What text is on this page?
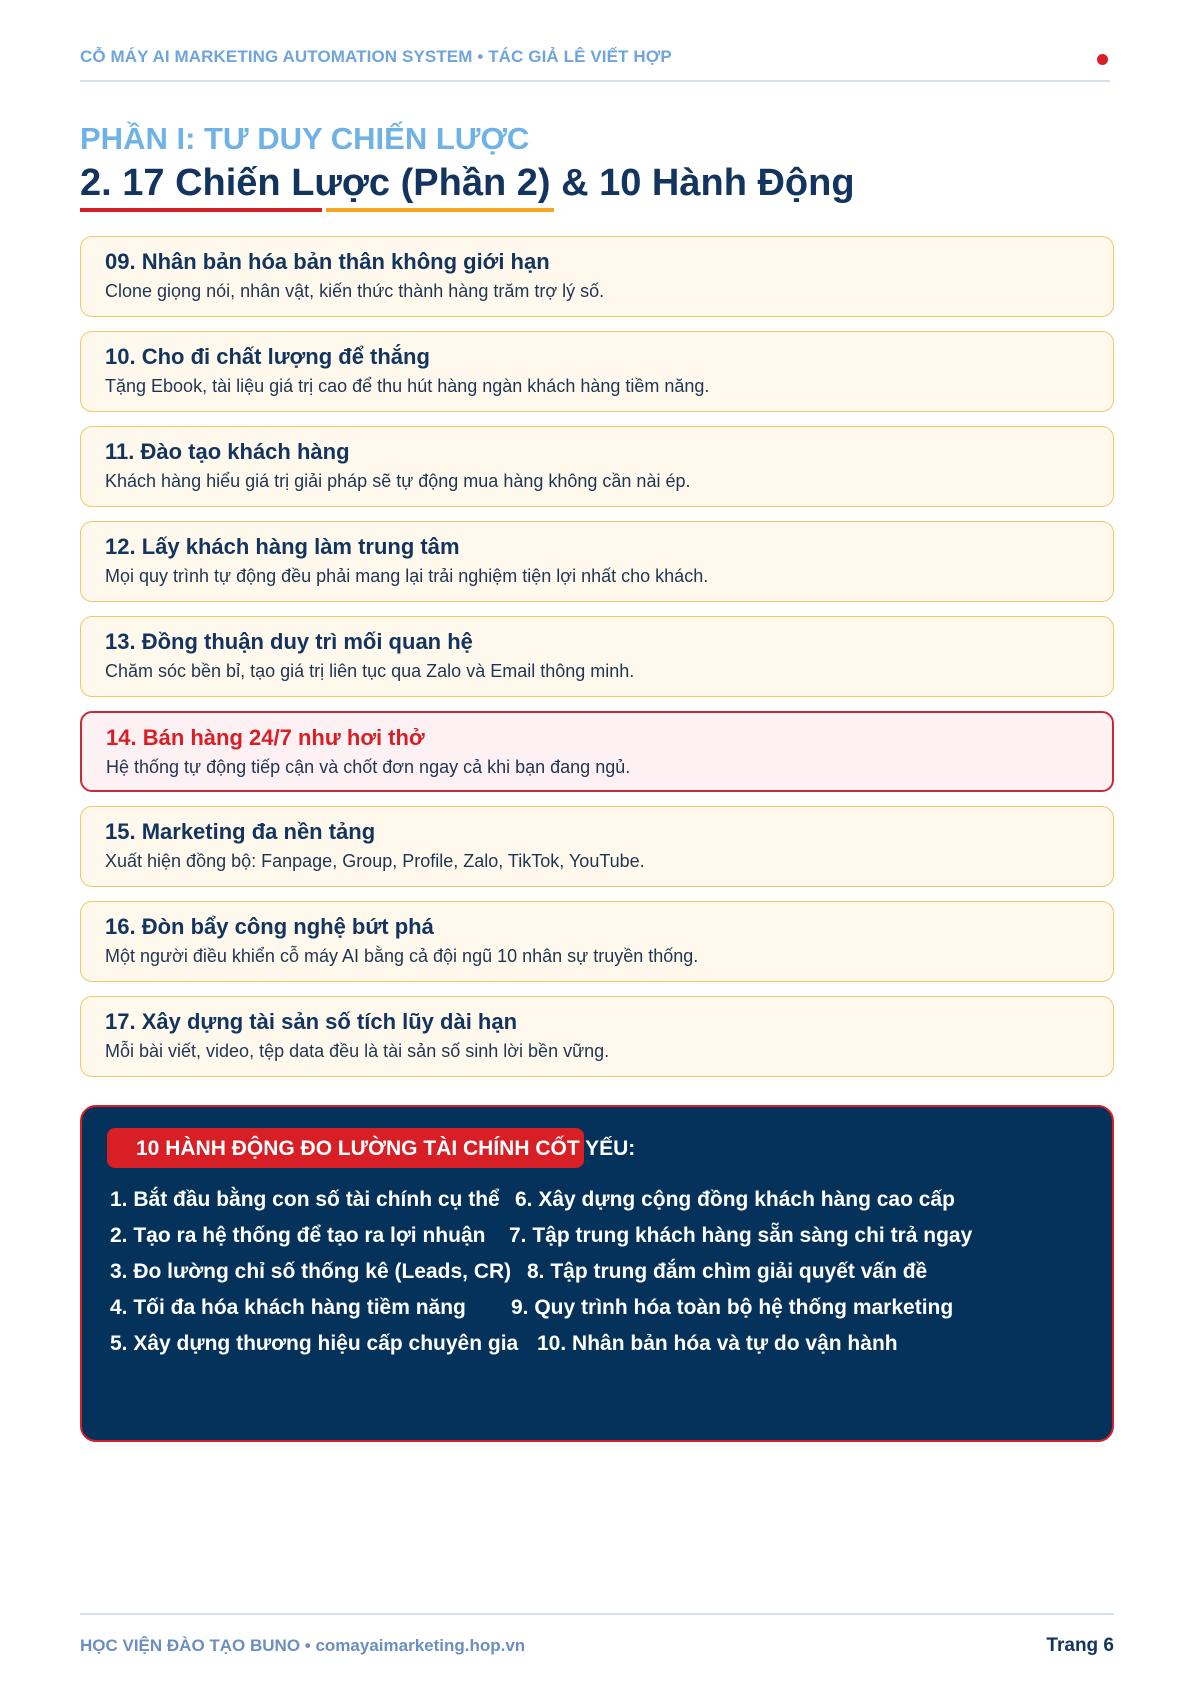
CỖ MÁY AI MARKETING AUTOMATION SYSTEM • TÁC GIẢ LÊ VIẾT HỢP
PHẦN I: TƯ DUY CHIẾN LƯỢC
2. 17 Chiến Lược (Phần 2) & 10 Hành Động
09. Nhân bản hóa bản thân không giới hạn
Clone giọng nói, nhân vật, kiến thức thành hàng trăm trợ lý số.
10. Cho đi chất lượng để thắng
Tặng Ebook, tài liệu giá trị cao để thu hút hàng ngàn khách hàng tiềm năng.
11. Đào tạo khách hàng
Khách hàng hiểu giá trị giải pháp sẽ tự động mua hàng không cần nài ép.
12. Lấy khách hàng làm trung tâm
Mọi quy trình tự động đều phải mang lại trải nghiệm tiện lợi nhất cho khách.
13. Đồng thuận duy trì mối quan hệ
Chăm sóc bền bỉ, tạo giá trị liên tục qua Zalo và Email thông minh.
14. Bán hàng 24/7 như hơi thở
Hệ thống tự động tiếp cận và chốt đơn ngay cả khi bạn đang ngủ.
15. Marketing đa nền tảng
Xuất hiện đồng bộ: Fanpage, Group, Profile, Zalo, TikTok, YouTube.
16. Đòn bẩy công nghệ bứt phá
Một người điều khiển cỗ máy AI bằng cả đội ngũ 10 nhân sự truyền thống.
17. Xây dựng tài sản số tích lũy dài hạn
Mỗi bài viết, video, tệp data đều là tài sản số sinh lời bền vững.
10 HÀNH ĐỘNG ĐO LƯỜNG TÀI CHÍNH CỐT YẾU:
1. Bắt đầu bằng con số tài chính cụ thể
2. Tạo ra hệ thống để tạo ra lợi nhuận
3. Đo lường chỉ số thống kê (Leads, CR)
4. Tối đa hóa khách hàng tiềm năng
5. Xây dựng thương hiệu cấp chuyên gia
6. Xây dựng cộng đồng khách hàng cao cấp
7. Tập trung khách hàng sẵn sàng chi trả ngay
8. Tập trung đắm chìm giải quyết vấn đề
9. Quy trình hóa toàn bộ hệ thống marketing
10. Nhân bản hóa và tự do vận hành
HỌC VIỆN ĐÀO TẠO BUNO • comayaimarketing.hop.vn	Trang 6
